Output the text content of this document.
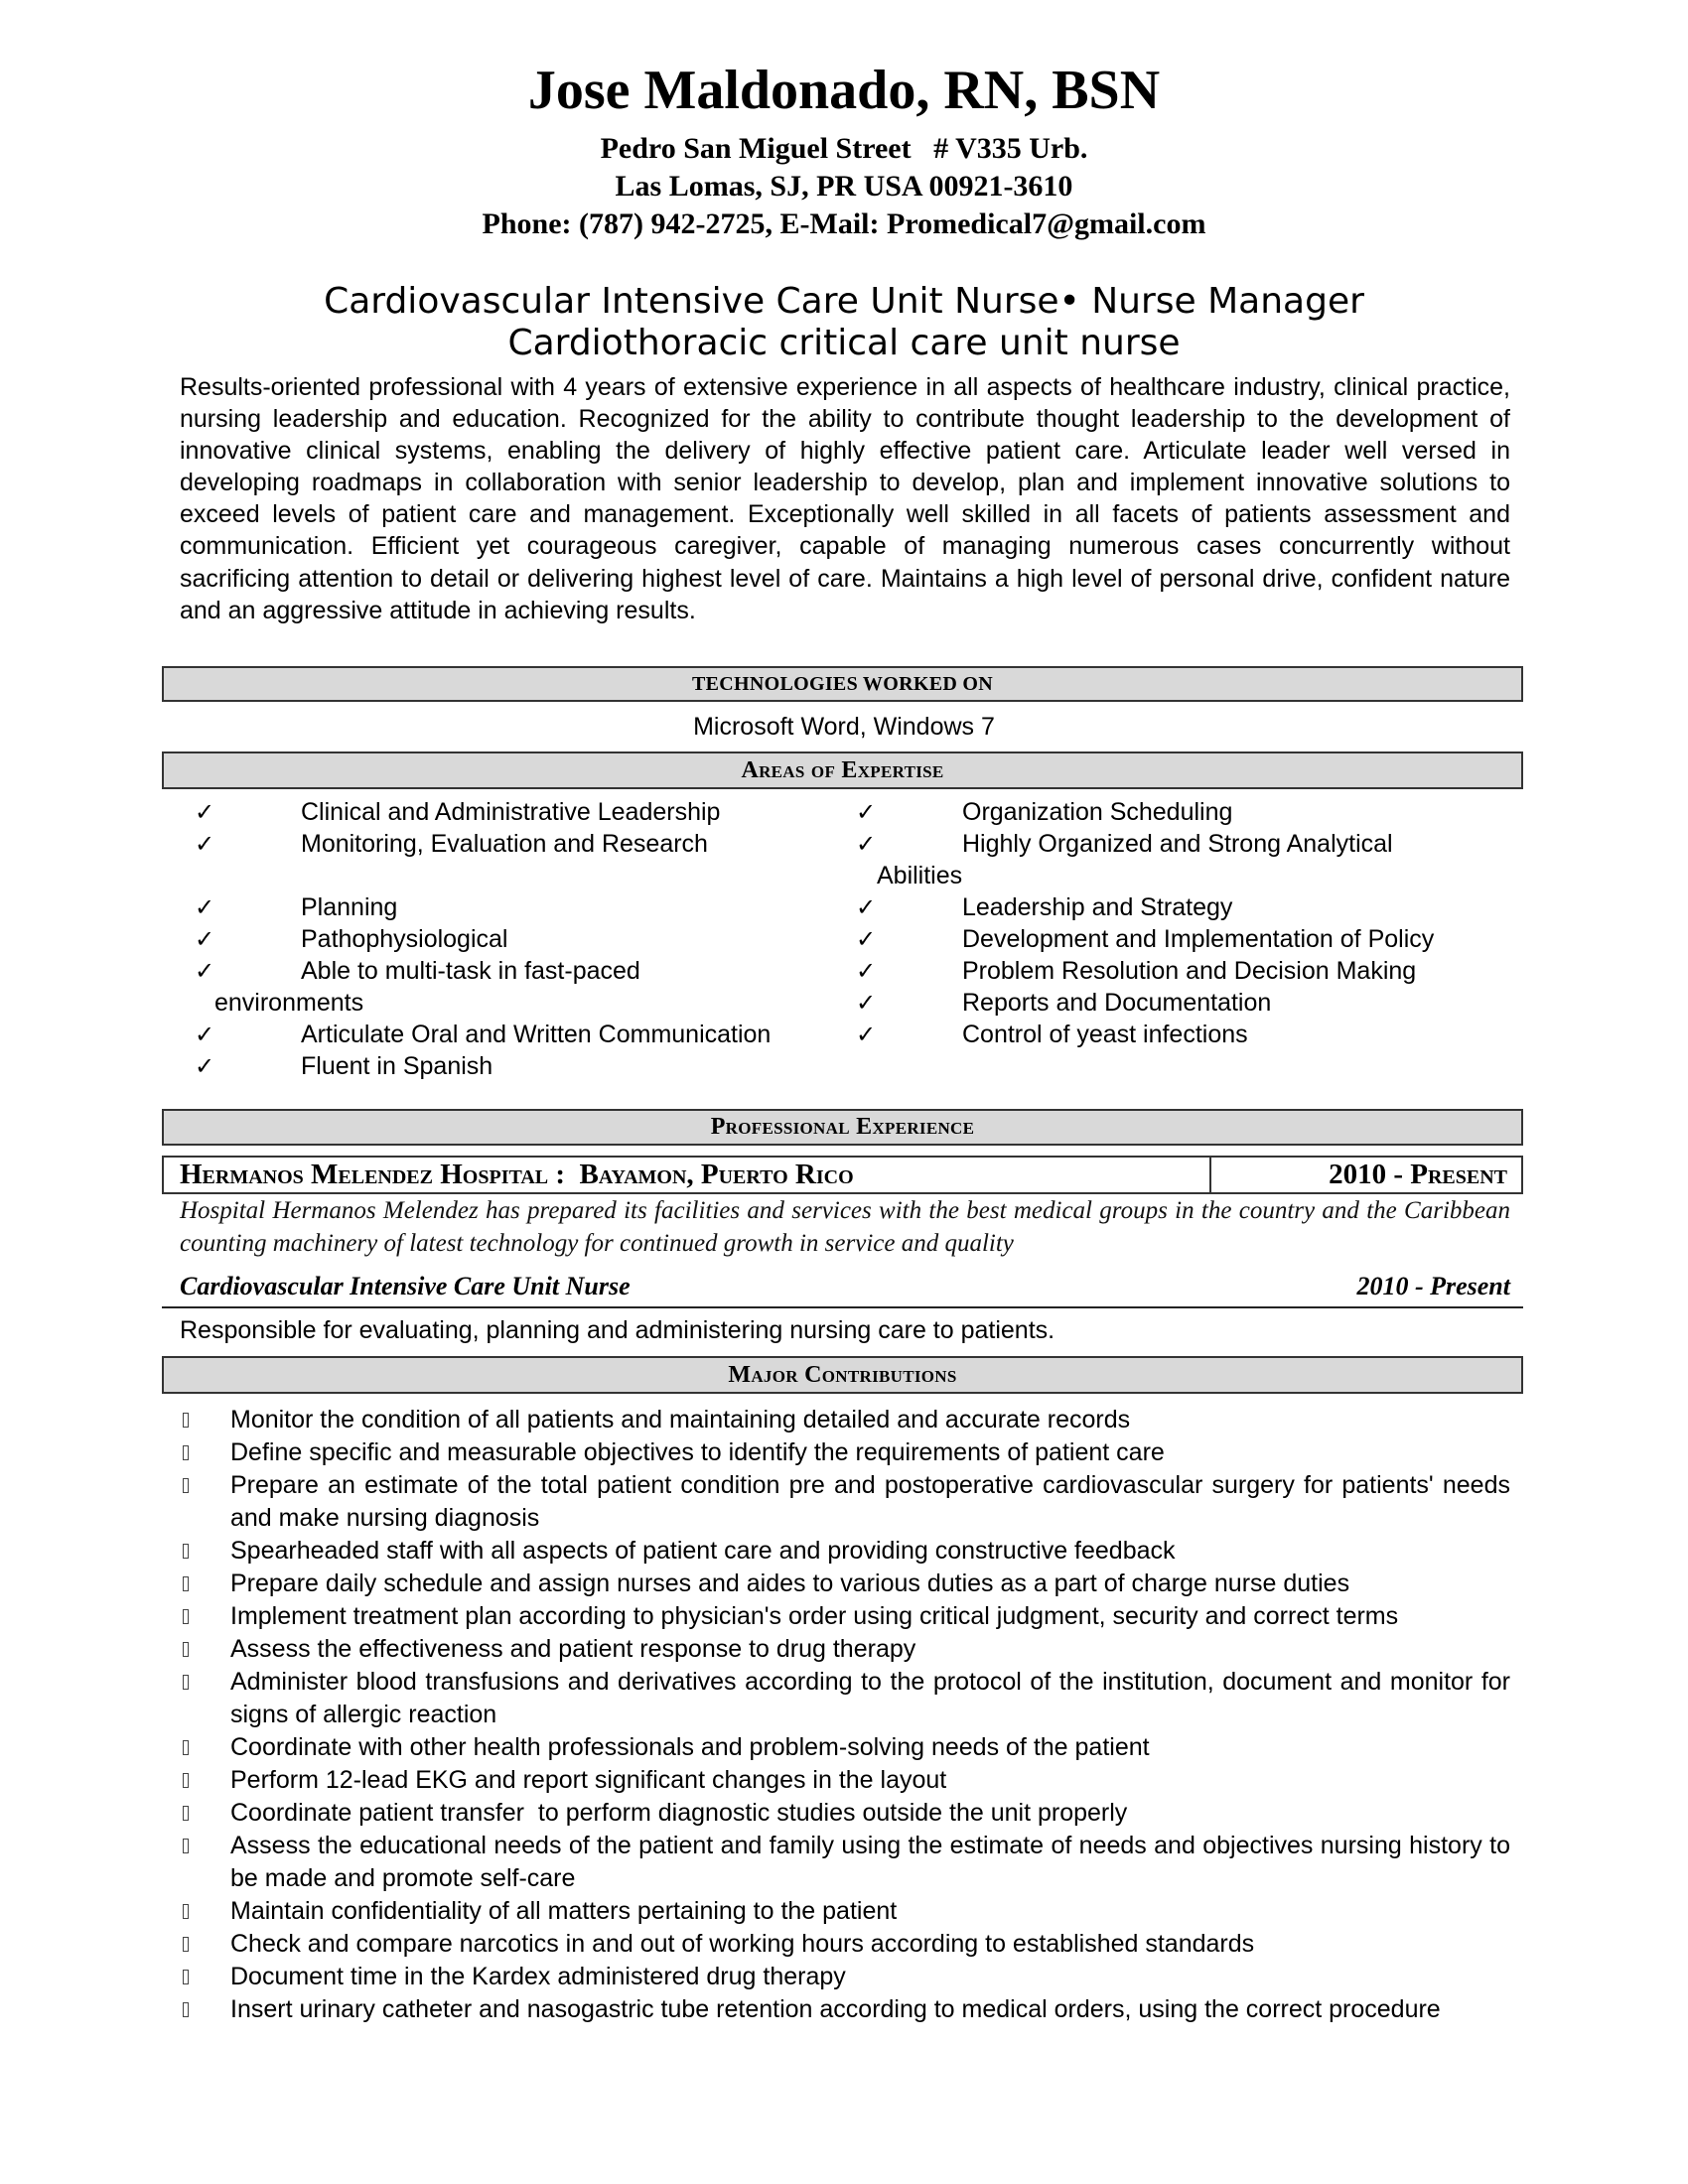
Jose Maldonado, RN, BSN
Pedro San Miguel Street   # V335 Urb.
Las Lomas, SJ, PR USA 00921-3610
Phone: (787) 942-2725, E-Mail: Promedical7@gmail.com
Cardiovascular Intensive Care Unit Nurse• Nurse Manager
Cardiothoracic critical care unit nurse
Results-oriented professional with 4 years of extensive experience in all aspects of healthcare industry, clinical practice, nursing leadership and education. Recognized for the ability to contribute thought leadership to the development of innovative clinical systems, enabling the delivery of highly effective patient care. Articulate leader well versed in developing roadmaps in collaboration with senior leadership to develop, plan and implement innovative solutions to exceed levels of patient care and management. Exceptionally well skilled in all facets of patients assessment and communication. Efficient yet courageous caregiver, capable of managing numerous cases concurrently without sacrificing attention to detail or delivering highest level of care. Maintains a high level of personal drive, confident nature and an aggressive attitude in achieving results.
TECHNOLOGIES WORKED ON
Microsoft Word, Windows 7
Areas of Expertise
✓	Clinical and Administrative Leadership
✓	Monitoring, Evaluation and Research
✓	Planning
✓	Pathophysiological
✓	Able to multi-task in fast-paced
environments
✓	Articulate Oral and Written Communication
✓	Fluent in Spanish
✓	Organization Scheduling
✓	Highly Organized and Strong Analytical
Abilities
✓	Leadership and Strategy
✓	Development and Implementation of Policy
✓	Problem Resolution and Decision Making
✓	Reports and Documentation
✓	Control of yeast infections
Professional Experience
Hermanos Melendez Hospital :  Bayamon, Puerto Rico	2010 - Present
Hospital Hermanos Melendez has prepared its facilities and services with the best medical groups in the country and the Caribbean counting machinery of latest technology for continued growth in service and quality
Cardiovascular Intensive Care Unit Nurse	2010 - Present
Responsible for evaluating, planning and administering nursing care to patients.
Major Contributions
Monitor the condition of all patients and maintaining detailed and accurate records
Define specific and measurable objectives to identify the requirements of patient care
Prepare an estimate of the total patient condition pre and postoperative cardiovascular surgery for patients' needs and make nursing diagnosis
Spearheaded staff with all aspects of patient care and providing constructive feedback
Prepare daily schedule and assign nurses and aides to various duties as a part of charge nurse duties
Implement treatment plan according to physician's order using critical judgment, security and correct terms
Assess the effectiveness and patient response to drug therapy
Administer blood transfusions and derivatives according to the protocol of the institution, document and monitor for signs of allergic reaction
Coordinate with other health professionals and problem-solving needs of the patient
Perform 12-lead EKG and report significant changes in the layout
Coordinate patient transfer  to perform diagnostic studies outside the unit properly
Assess the educational needs of the patient and family using the estimate of needs and objectives nursing history to be made and promote self-care
Maintain confidentiality of all matters pertaining to the patient
Check and compare narcotics in and out of working hours according to established standards
Document time in the Kardex administered drug therapy
Insert urinary catheter and nasogastric tube retention according to medical orders, using the correct procedure
